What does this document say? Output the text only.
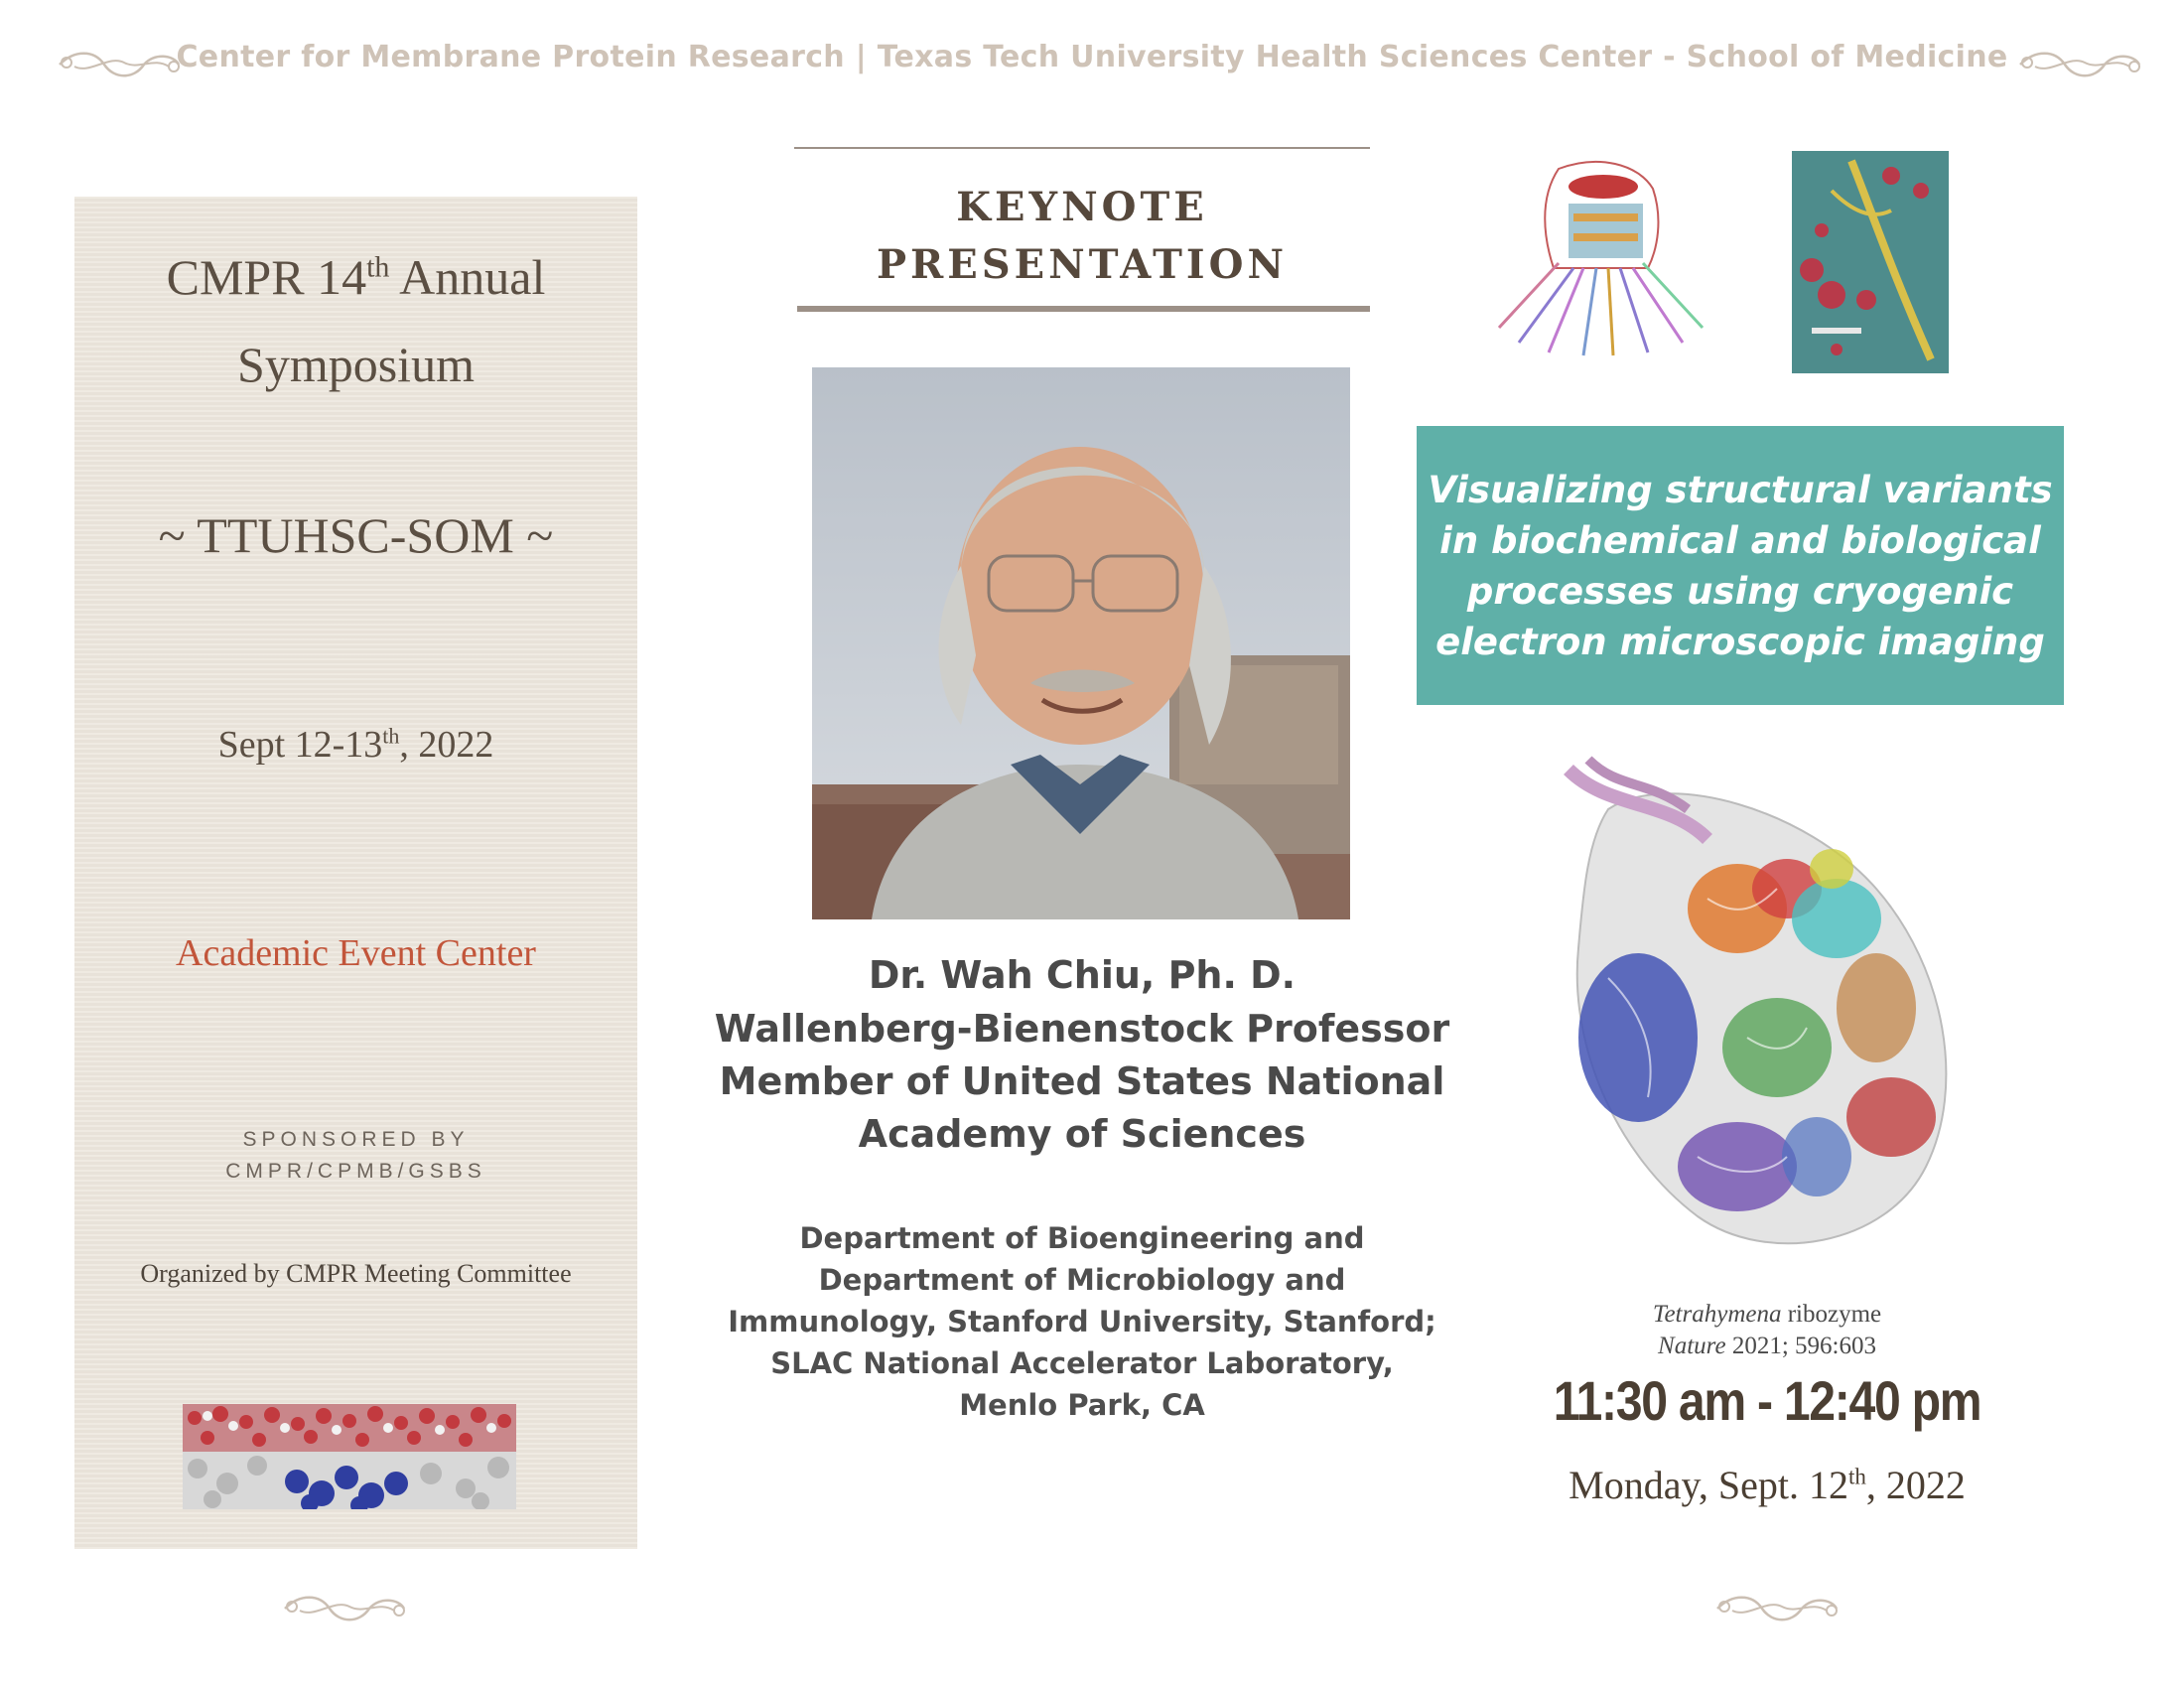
Center for Membrane Protein Research | Texas Tech University Health Sciences Center - School of Medicine
CMPR 14th Annual
Symposium
~ TTUHSC-SOM ~
Sept 12-13th, 2022
Academic Event Center
SPONSORED BY
CMPR/CPMB/GSBS
Organized by CMPR Meeting Committee
KEYNOTE
PRESENTATION
Dr. Wah Chiu, Ph. D.
Wallenberg-Bienenstock Professor
Member of United States National
Academy of Sciences
Department of Bioengineering and
Department of Microbiology and
Immunology, Stanford University, Stanford;
SLAC National Accelerator Laboratory,
Menlo Park, CA
Visualizing structural variants
in biochemical and biological
processes using cryogenic
electron microscopic imaging
Tetrahymena ribozyme
Nature 2021; 596:603
11:30 am - 12:40 pm
Monday, Sept. 12th, 2022
